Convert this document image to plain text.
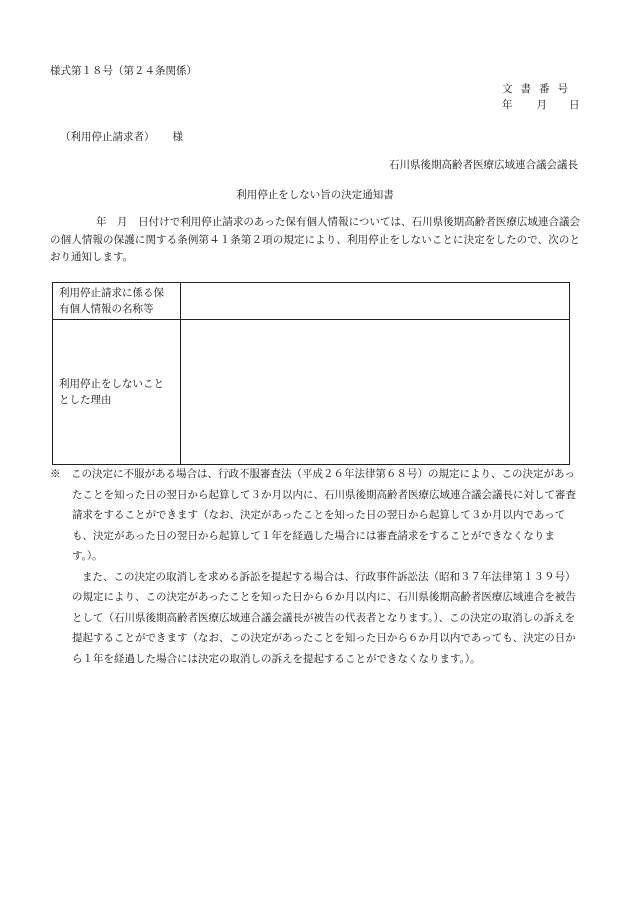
様式第１８号（第２４条関係）
文書番号
年 月 日
（利用停止請求者） 様
石川県後期高齢者医療広域連合議会議長
利用停止をしない旨の決定通知書
年　月　日付けで利用停止請求のあった保有個人情報については、石川県後期高齢者医療広域連合議会の個人情報の保護に関する条例第４１条第２項の規定により、利用停止をしないことに決定をしたので、次のとおり通知します。
利用停止請求に係る保有個人情報の名称等	
利用停止をしないこととした理由	

※　この決定に不服がある場合は、行政不服審査法（平成２６年法律第６８号）の規定により、この決定があったことを知った日の翌日から起算して３か月以内に、石川県後期高齢者医療広域連合議会議長に対して審査請求をすることができます（なお、決定があったことを知った日の翌日から起算して３か月以内であっても、決定があった日の翌日から起算して１年を経過した場合には審査請求をすることができなくなります。）。

また、この決定の取消しを求める訴訟を提起する場合は、行政事件訴訟法（昭和３７年法律第１３９号）の規定により、この決定があったことを知った日から６か月以内に、石川県後期高齢者医療広域連合を被告として（石川県後期高齢者医療広域連合議会議長が被告の代表者となります。）、この決定の取消しの訴えを提起することができます（なお、この決定があったことを知った日から６か月以内であっても、決定の日から１年を経過した場合には決定の取消しの訴えを提起することができなくなります。）。
